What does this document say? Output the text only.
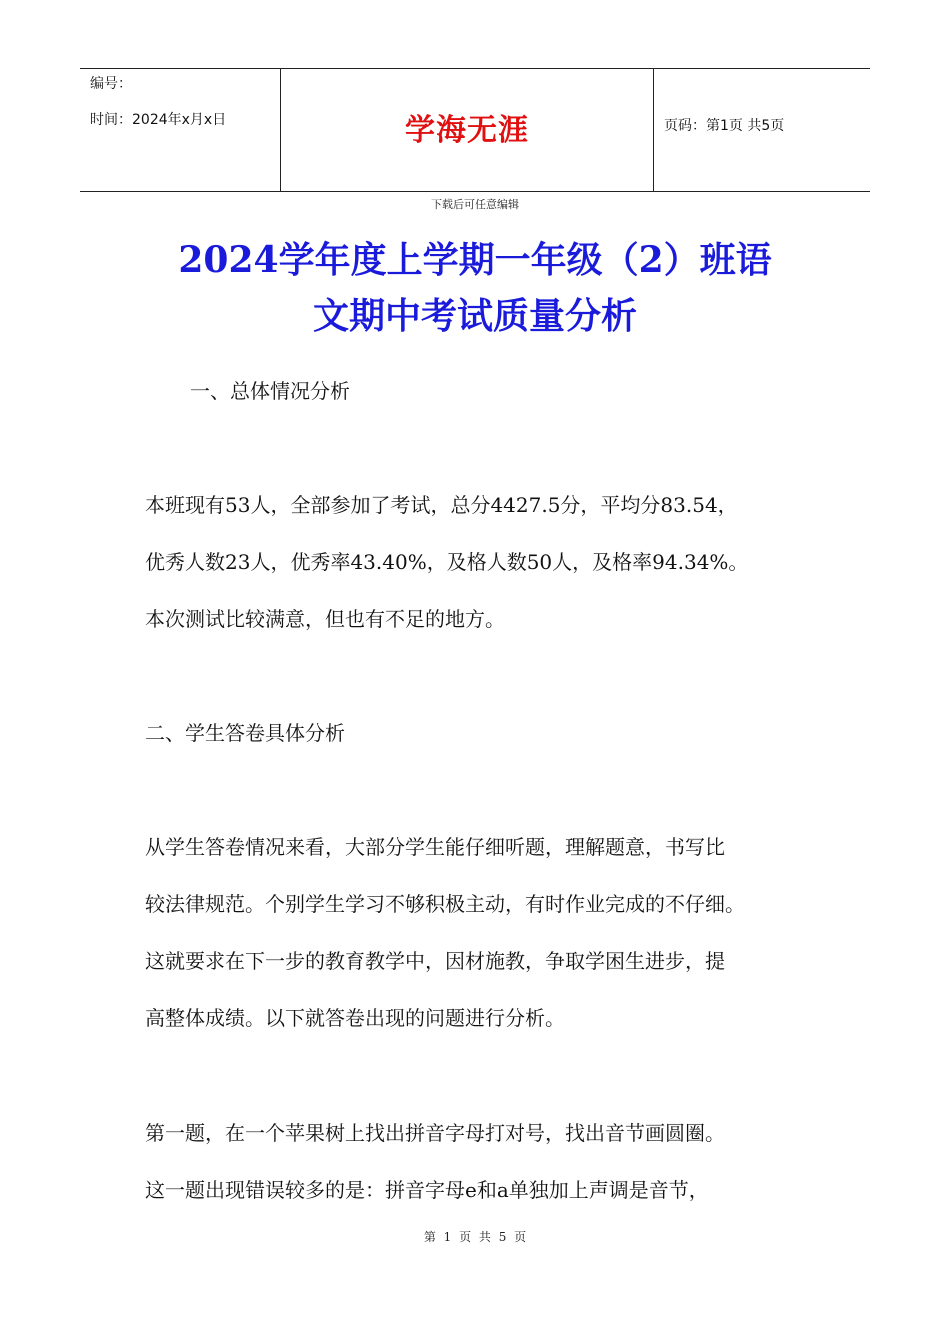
编号：
时间：2024年x月x日	学海无涯	页码：第1页 共5页
下载后可任意编辑
2024学年度上学期一年级（2）班语
文期中考试质量分析
一、总体情况分析
本班现有53人，全部参加了考试，总分4427.5分，平均分83.54，
优秀人数23人，优秀率43.40%，及格人数50人，及格率94.34%。
本次测试比较满意，但也有不足的地方。
二、学生答卷具体分析
从学生答卷情况来看，大部分学生能仔细听题，理解题意，书写比
较法律规范。个别学生学习不够积极主动，有时作业完成的不仔细。
这就要求在下一步的教育教学中，因材施教，争取学困生进步，提
高整体成绩。以下就答卷出现的问题进行分析。
第一题，在一个苹果树上找出拼音字母打对号，找出音节画圆圈。
这一题出现错误较多的是：拼音字母e和a单独加上声调是音节，
第 1 页 共 5 页
